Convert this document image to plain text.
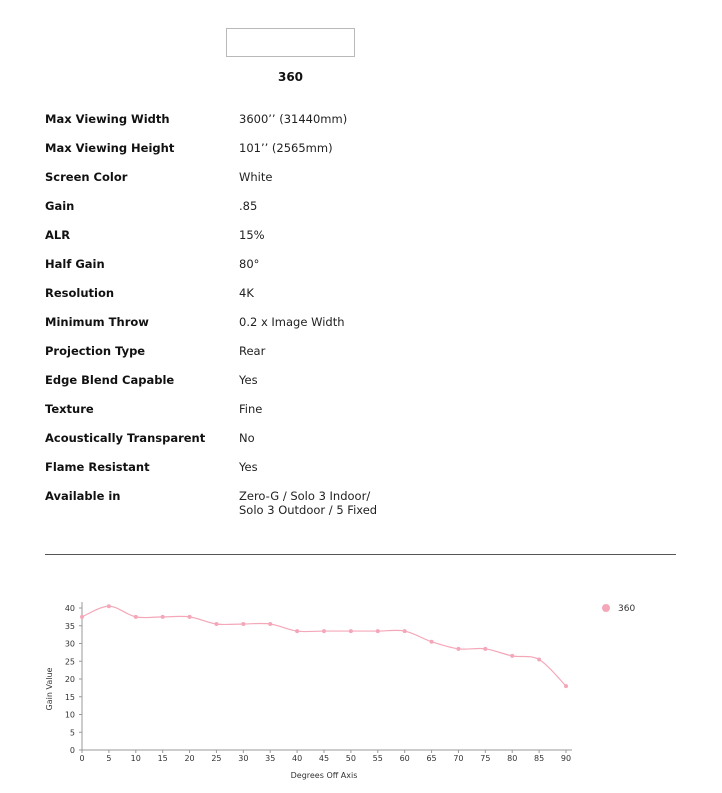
360
Max Viewing Width	3600’’ (31440mm)
Max Viewing Height	101’’ (2565mm)
Screen Color	White
Gain	.85
ALR	15%
Half Gain	80°
Resolution	4K
Minimum Throw	0.2 x Image Width
Projection Type	Rear
Edge Blend Capable	Yes
Texture	Fine
Acoustically Transparent	No
Flame Resistant	Yes
Available in	Zero-G / Solo 3 Indoor/
Solo 3 Outdoor / 5 Fixed
0
5
10
15
20
25
30
35
40
0	5 10 15 20 25 30 35 40 45 50 55 60 65 70 75 80 85 90
Degrees Off Axis
Gain Value
360
